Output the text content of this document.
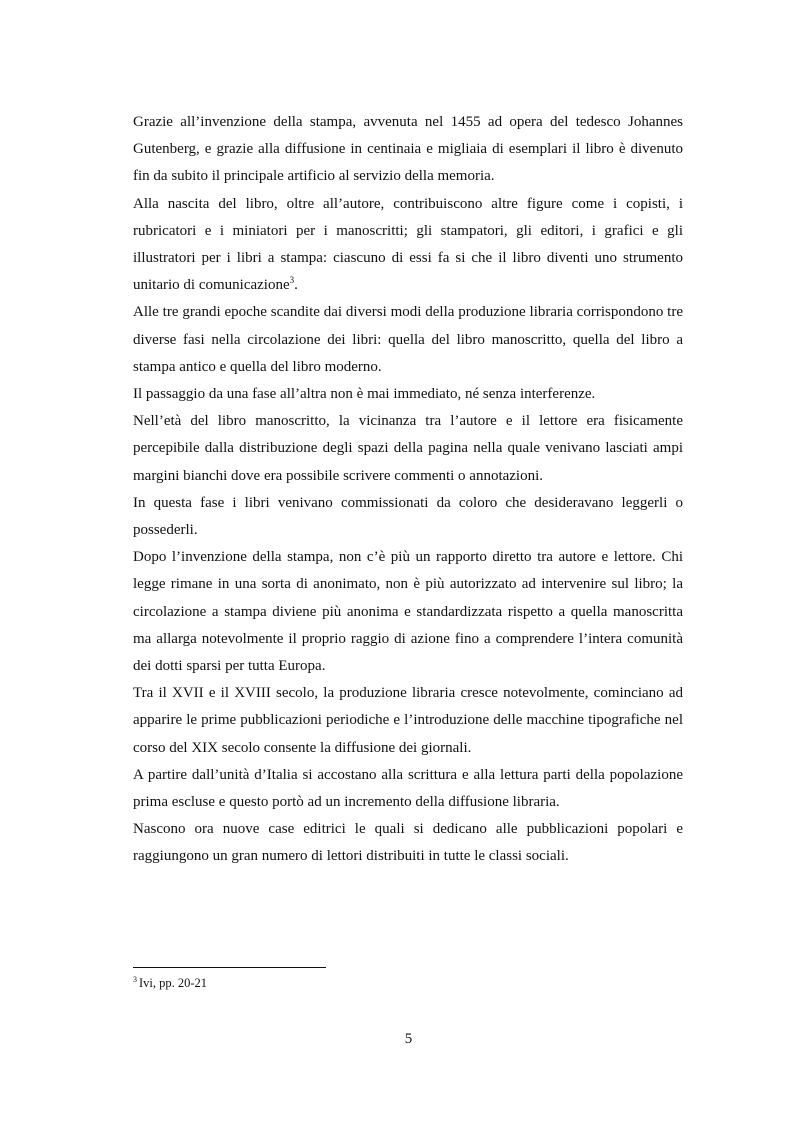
Grazie all’invenzione della stampa, avvenuta nel 1455 ad opera del tedesco Johannes Gutenberg, e grazie alla diffusione in centinaia e migliaia di esemplari il libro è divenuto fin da subito il principale artificio al servizio della memoria.

Alla nascita del libro, oltre all’autore, contribuiscono altre figure come i copisti, i rubricatori e i miniatori per i manoscritti; gli stampatori, gli editori, i grafici e gli illustratori per i libri a stampa: ciascuno di essi fa si che il libro diventi uno strumento unitario di comunicazione$^3$.

Alle tre grandi epoche scandite dai diversi modi della produzione libraria corrispondono tre diverse fasi nella circolazione dei libri: quella del libro manoscritto, quella del libro a stampa antico e quella del libro moderno.

Il passaggio da una fase all’altra non è mai immediato, né senza interferenze.

Nell’età del libro manoscritto, la vicinanza tra l’autore e il lettore era fisicamente percepibile dalla distribuzione degli spazi della pagina nella quale venivano lasciati ampi margini bianchi dove era possibile scrivere commenti o annotazioni.

In questa fase i libri venivano commissionati da coloro che desideravano leggerli o possederli.

Dopo l’invenzione della stampa, non c’è più un rapporto diretto tra autore e lettore. Chi legge rimane in una sorta di anonimato, non è più autorizzato ad intervenire sul libro; la circolazione a stampa diviene più anonima e standardizzata rispetto a quella manoscritta ma allarga notevolmente il proprio raggio di azione fino a comprendere l’intera comunità dei dotti sparsi per tutta Europa.

Tra il XVII e il XVIII secolo, la produzione libraria cresce notevolmente, cominciano ad apparire le prime pubblicazioni periodiche e l’introduzione delle macchine tipografiche nel corso del XIX secolo consente la diffusione dei giornali.

A partire dall’unità d’Italia si accostano alla scrittura e alla lettura parti della popolazione prima escluse e questo portò ad un incremento della diffusione libraria.

Nascono ora nuove case editrici le quali si dedicano alle pubblicazioni popolari e raggiungono un gran numero di lettori distribuiti in tutte le classi sociali.

$^3$ Ivi, pp. 20-21

5
